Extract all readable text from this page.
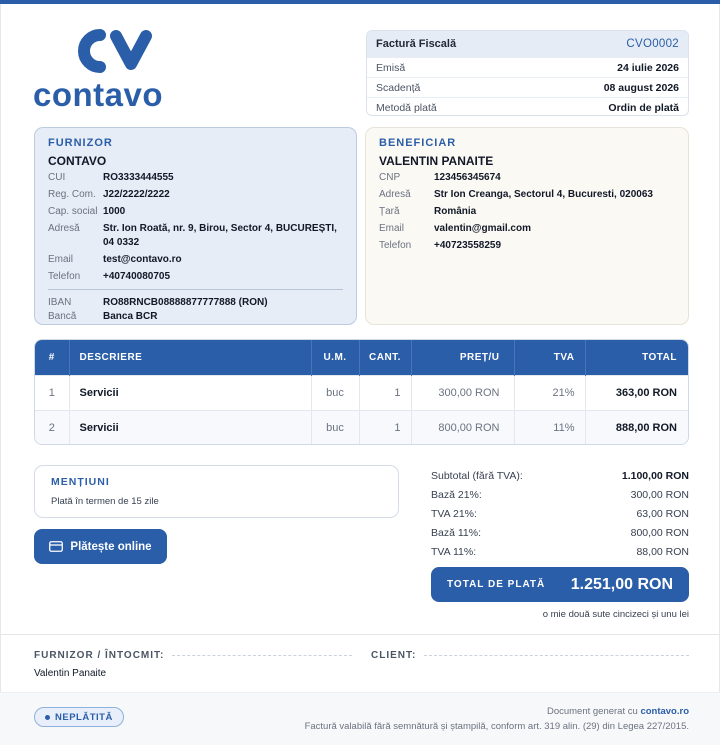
contavo
Factură Fiscală	CVO0002
Emisă	24 iulie 2026
Scadență	08 august 2026
Metodă plată	Ordin de plată
FURNIZOR
CONTAVO
CUI	RO3333444555
Reg. Com. J22/2222/2222
Cap. social 1000
Adresă	Str. Ion Roată, nr. 9, Birou, Sector 4, BUCUREȘTI, 04 0332
Email	test@contavo.ro
Telefon	+40740080705
IBAN	RO88RNCB08888877777888 (RON)
Bancă	Banca BCR
BENEFICIAR
VALENTIN PANAITE
CNP	123456345674
Adresă	Str Ion Creanga, Sectorul 4, Bucuresti, 020063
Țară	România
Email	valentin@gmail.com
Telefon	+40723558259
#	DESCRIERE	U.M.	CANT.	PREȚ/U	TVA	TOTAL
1	Servicii	buc	1	300,00 RON	21%	363,00 RON
2	Servicii	buc	1	800,00 RON	11%	888,00 RON
MENȚIUNI
Plată în termen de 15 zile
Plătește online
Subtotal (fără TVA):	1.100,00 RON
Bază 21%:	300,00 RON
TVA 21%:	63,00 RON
Bază 11%:	800,00 RON
TVA 11%:	88,00 RON
TOTAL DE PLATĂ 1.251,00 RON
o mie două sute cincizeci și unu lei
FURNIZOR / ÎNTOCMIT:	CLIENT:
Valentin Panaite
NEPLĂTITĂ	Document generat cu contavo.ro
Factură valabilă fără semnătură și ștampilă, conform art. 319 alin. (29) din Legea 227/2015.
